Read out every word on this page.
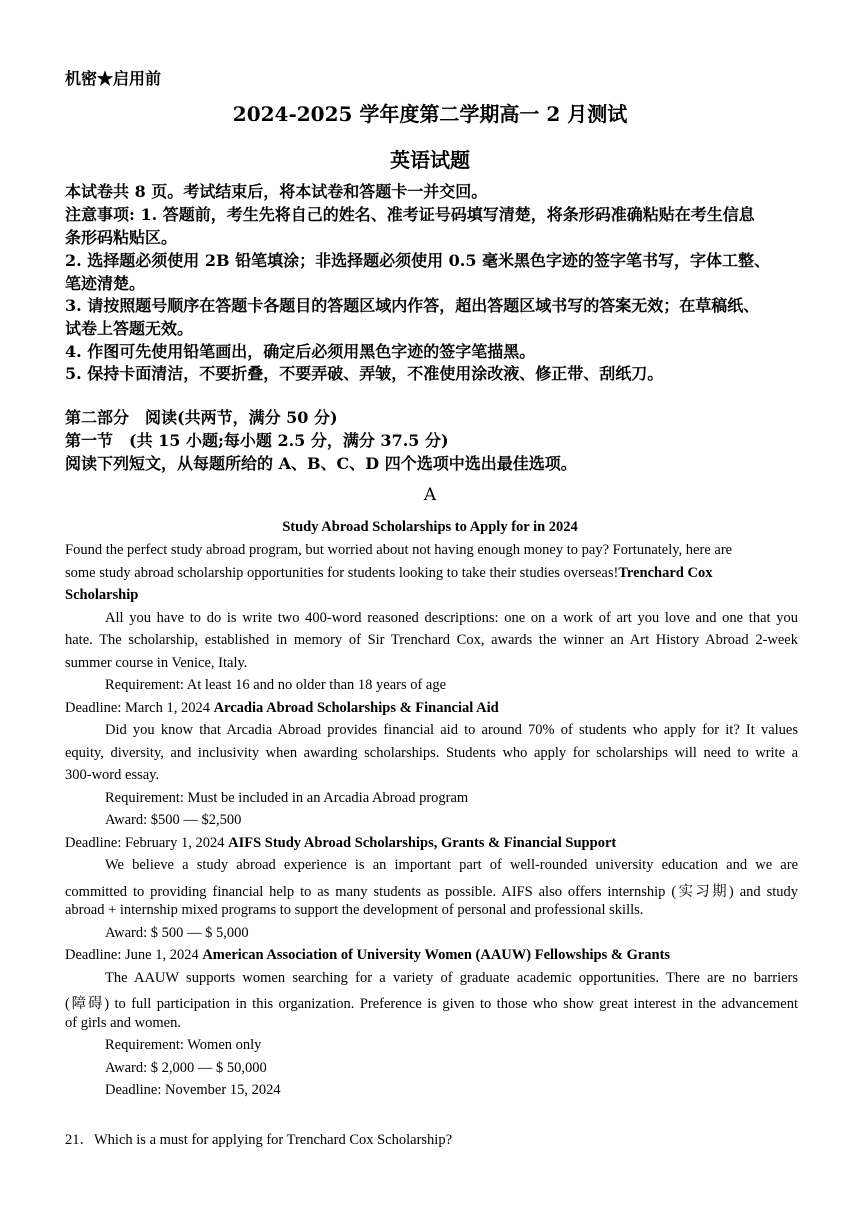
机密★启用前
2024-2025 学年度第二学期高一 2 月测试
英语试题
本试卷共 8 页。考试结束后，将本试卷和答题卡一并交回。
注意事项: 1. 答题前，考生先将自己的姓名、准考证号码填写清楚，将条形码准确粘贴在考生信息
条形码粘贴区。
2. 选择题必须使用 2B 铅笔填涂；非选择题必须使用 0.5 毫米黑色字迹的签字笔书写，字体工整、
笔迹清楚。
3. 请按照题号顺序在答题卡各题目的答题区域内作答，超出答题区域书写的答案无效；在草稿纸、
试卷上答题无效。
4. 作图可先使用铅笔画出，确定后必须用黑色字迹的签字笔描黑。
5. 保持卡面清洁，不要折叠，不要弄破、弄皱，不准使用涂改液、修正带、刮纸刀。
第二部分　阅读(共两节，满分 50 分)
第一节　(共 15 小题;每小题 2.5 分，满分 37.5 分)
阅读下列短文，从每题所给的 A、B、C、D 四个选项中选出最佳选项。
A
Study Abroad Scholarships to Apply for in 2024
Found the perfect study abroad program, but worried about not having enough money to pay? Fortunately, here are
some study abroad scholarship opportunities for students looking to take their studies overseas!Trenchard Cox
Scholarship
All you have to do is write two 400-word reasoned descriptions: one on a work of art you love and one that you
hate. The scholarship, established in memory of Sir Trenchard Cox, awards the winner an Art History Abroad 2-week
summer course in Venice, Italy.
Requirement: At least 16 and no older than 18 years of age
Deadline: March 1, 2024 Arcadia Abroad Scholarships & Financial Aid
Did you know that Arcadia Abroad provides financial aid to around 70% of students who apply for it? It values
equity, diversity, and inclusivity when awarding scholarships. Students who apply for scholarships will need to write a
300-word essay.
Requirement: Must be included in an Arcadia Abroad program
Award: $500 — $2,500
Deadline: February 1, 2024 AIFS Study Abroad Scholarships, Grants & Financial Support
We believe a study abroad experience is an important part of well-rounded university education and we are
committed to providing financial help to as many students as possible. AIFS also offers internship (实习期) and study
abroad + internship mixed programs to support the development of personal and professional skills.
Award: $ 500 — $ 5,000
Deadline: June 1, 2024 American Association of University Women (AAUW) Fellowships & Grants
The AAUW supports women searching for a variety of graduate academic opportunities. There are no barriers
(障碍) to full participation in this organization. Preference is given to those who show great interest in the advancement
of girls and women.
Requirement: Women only
Award: $ 2,000 — $ 50,000
Deadline: November 15, 2024
21．Which is a must for applying for Trenchard Cox Scholarship?
